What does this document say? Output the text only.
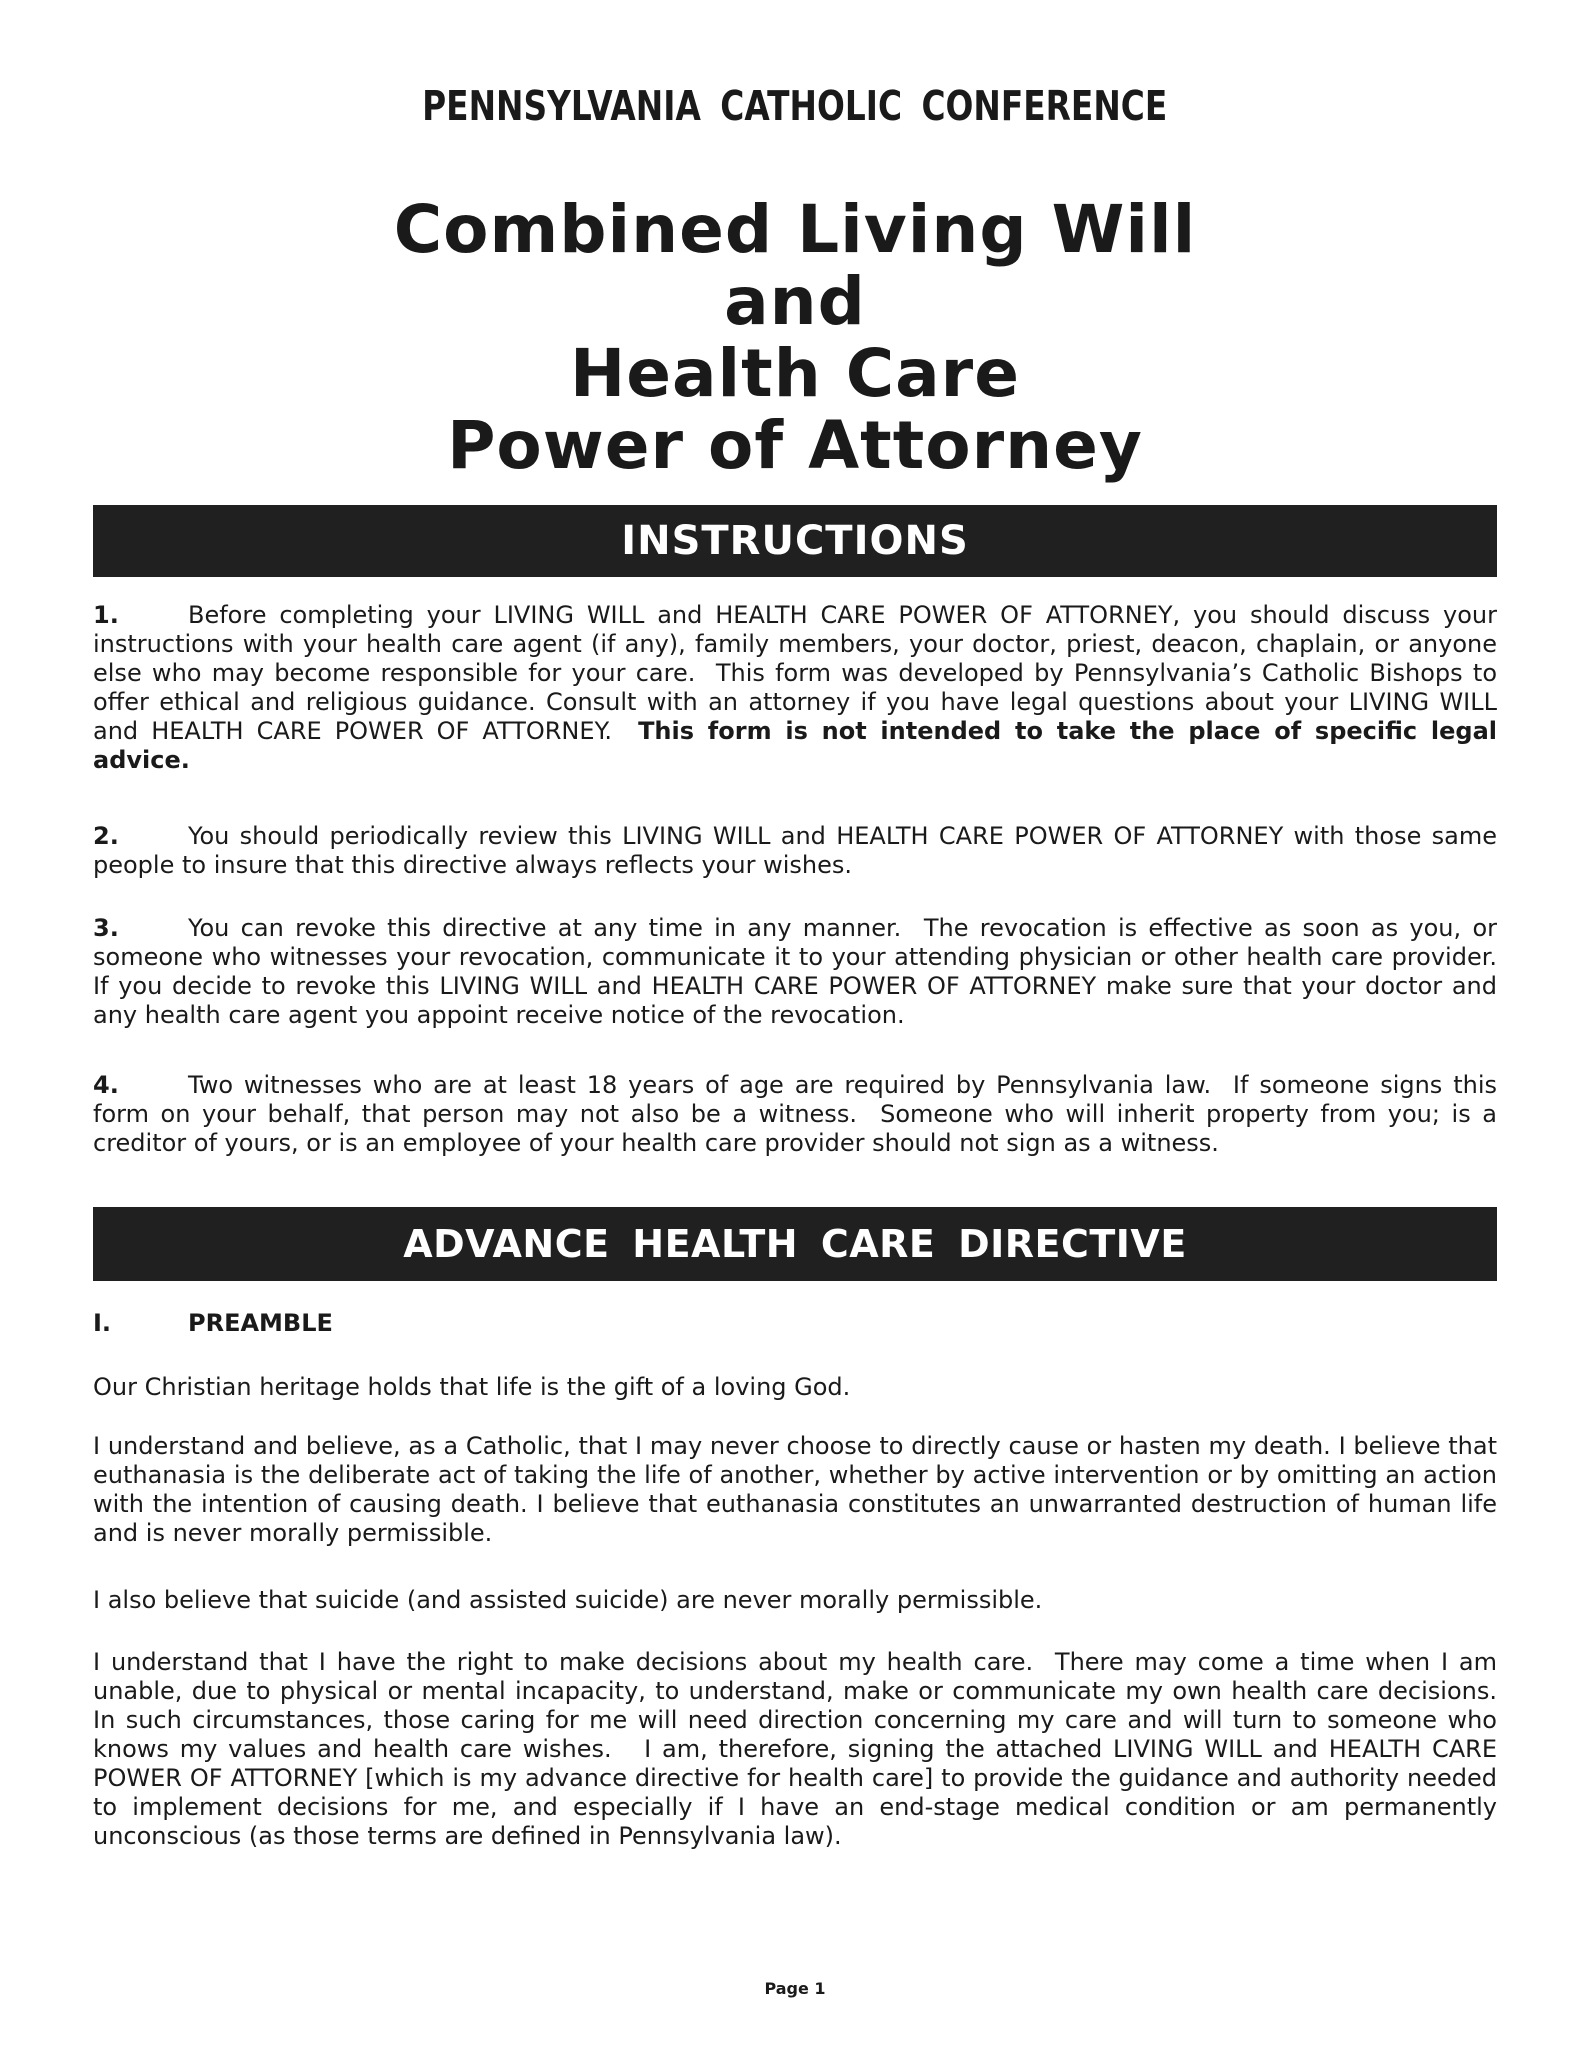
PENNSYLVANIA CATHOLIC CONFERENCE
Combined Living Will
and
Health Care
Power of Attorney
INSTRUCTIONS
1.	Before completing your LIVING WILL and HEALTH CARE POWER OF ATTORNEY, you should discuss your instructions with your health care agent (if any), family members, your doctor, priest, deacon, chaplain, or anyone else who may become responsible for your care.  This form was developed by Pennsylvania’s Catholic Bishops to offer ethical and religious guidance. Consult with an attorney if you have legal questions about your LIVING WILL and HEALTH CARE POWER OF ATTORNEY.  This form is not intended to take the place of specific legal advice.
2.	You should periodically review this LIVING WILL and HEALTH CARE POWER OF ATTORNEY with those same people to insure that this directive always reflects your wishes.
3.	You can revoke this directive at any time in any manner.  The revocation is effective as soon as you, or someone who witnesses your revocation, communicate it to your attending physician or other health care provider.  If you decide to revoke this LIVING WILL and HEALTH CARE POWER OF ATTORNEY make sure that your doctor and any health care agent you appoint receive notice of the revocation.
4.	Two witnesses who are at least 18 years of age are required by Pennsylvania law.  If someone signs this form on your behalf, that person may not also be a witness.  Someone who will inherit property from you; is a creditor of yours, or is an employee of your health care provider should not sign as a witness.
ADVANCE HEALTH CARE DIRECTIVE
I.	PREAMBLE
Our Christian heritage holds that life is the gift of a loving God.
I understand and believe, as a Catholic, that I may never choose to directly cause or hasten my death. I believe that euthanasia is the deliberate act of taking the life of another, whether by active intervention or by omitting an action with the intention of causing death. I believe that euthanasia constitutes an unwarranted destruction of human life and is never morally permissible.
I also believe that suicide (and assisted suicide) are never morally permissible.
I understand that I have the right to make decisions about my health care.  There may come a time when I am unable, due to physical or mental incapacity, to understand, make or communicate my own health care decisions.  In such circumstances, those caring for me will need direction concerning my care and will turn to someone who knows my values and health care wishes.   I am, therefore, signing the attached LIVING WILL and HEALTH CARE POWER OF ATTORNEY [which is my advance directive for health care] to provide the guidance and authority needed to implement decisions for me, and especially if I have an end-stage medical condition or am permanently unconscious (as those terms are defined in Pennsylvania law).
Page 1
